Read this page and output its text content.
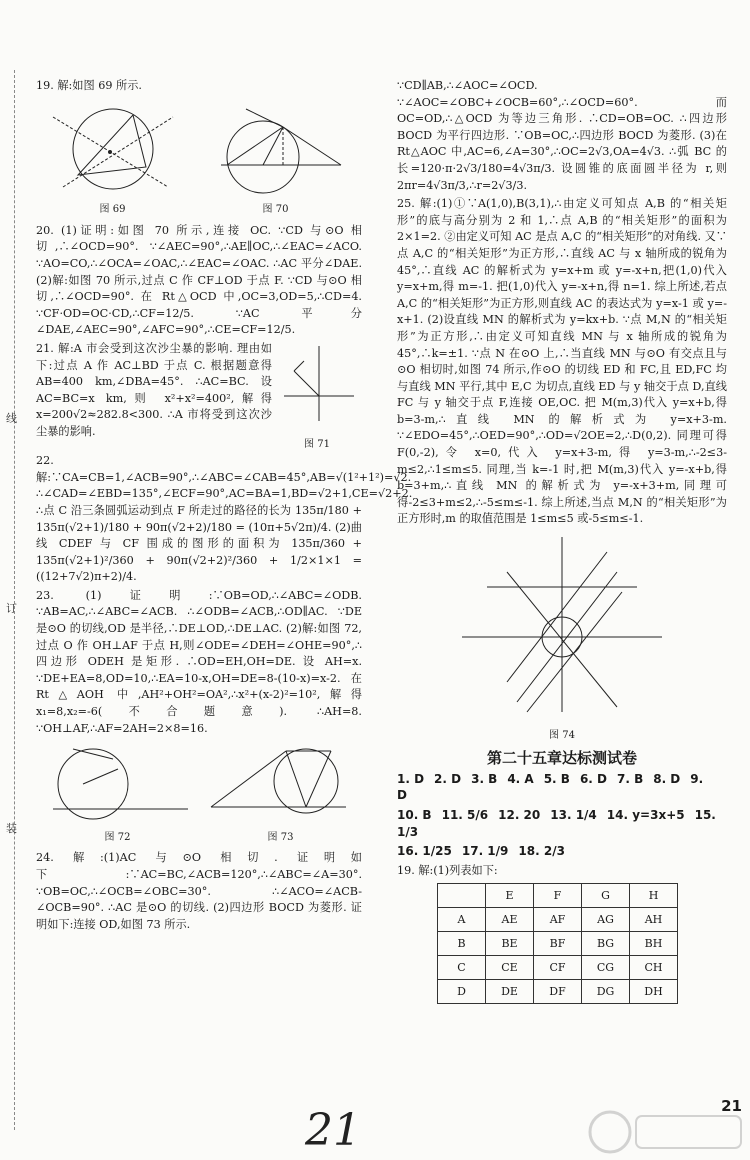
线
订
装

19. 解:如图 69 所示.

图 69	图 70

20. (1)证明:如图 70 所示,连接 OC. ∵CD 与⊙O 相切,∴∠OCD=90°. ∵∠AEC=90°,∴AE∥OC,∴∠EAC=∠ACO. ∵AO=CO,∴∠OCA=∠OAC,∴∠EAC=∠OAC. ∴AC 平分∠DAE. (2)解:如图 70 所示,过点 C 作 CF⊥OD 于点 F. ∵CD 与⊙O 相切,∴∠OCD=90°. 在 Rt△OCD 中,OC=3,OD=5,∴CD=4. ∵CF·OD=OC·CD,∴CF=12/5. ∵AC 平分∠DAE,∠AEC=90°,∠AFC=90°,∴CE=CF=12/5.

21. 解:A 市会受到这次沙尘暴的影响. 理由如下:过点 A 作 AC⊥BD 于点 C. 根据题意得 AB=400 km,∠DBA=45°. ∴AC=BC. 设 AC=BC=x km,则 x²+x²=400²,解得 x=200√2≈282.8<300. ∴A 市将受到这次沙尘暴的影响.

图 71

22. 解:∵CA=CB=1,∠ACB=90°,∴∠ABC=∠CAB=45°,AB=√(1²+1²)=√2. ∴∠CAD=∠EBD=135°,∠ECF=90°,AC=BA=1,BD=√2+1,CE=√2+2. ∴点 C 沿三条圆弧运动到点 F 所走过的路径的长为 135π/180 + 135π(√2+1)/180 + 90π(√2+2)/180 = (10π+5√2π)/4. (2)曲线 CDEF 与 CF 围成的图形的面积为 135π/360 + 135π(√2+1)²/360 + 90π(√2+2)²/360 + 1/2×1×1 = ((12+7√2)π+2)/4.

23. (1)证明:∵OB=OD,∴∠ABC=∠ODB. ∵AB=AC,∴∠ABC=∠ACB. ∴∠ODB=∠ACB,∴OD∥AC. ∵DE 是⊙O 的切线,OD 是半径,∴DE⊥OD,∴DE⊥AC. (2)解:如图 72,过点 O 作 OH⊥AF 于点 H,则∠ODE=∠DEH=∠OHE=90°,∴四边形 ODEH 是矩形. ∴OD=EH,OH=DE. 设 AH=x. ∵DE+EA=8,OD=10,∴EA=10-x,OH=DE=8-(10-x)=x-2. 在 Rt△AOH 中,AH²+OH²=OA²,∴x²+(x-2)²=10²,解得 x₁=8,x₂=-6(不合题意). ∴AH=8. ∵OH⊥AF,∴AF=2AH=2×8=16.

图 72	图 73

24. 解:(1)AC 与⊙O 相切. 证明如下:∵AC=BC,∠ACB=120°,∴∠ABC=∠A=30°. ∵OB=OC,∴∠OCB=∠OBC=30°. ∴∠ACO=∠ACB-∠OCB=90°. ∴AC 是⊙O 的切线. (2)四边形 BOCD 为菱形. 证明如下:连接 OD,如图 73 所示.

∵CD∥AB,∴∠AOC=∠OCD. ∵∠AOC=∠OBC+∠OCB=60°,∴∠OCD=60°. 而 OC=OD,∴△OCD 为等边三角形. ∴CD=OB=OC. ∴四边形 BOCD 为平行四边形. ∵OB=OC,∴四边形 BOCD 为菱形. (3)在 Rt△AOC 中,AC=6,∠A=30°,∴OC=2√3,OA=4√3. ∴弧 BC 的长=120·π·2√3/180=4√3π/3. 设圆锥的底面圆半径为 r,则 2πr=4√3π/3,∴r=2√3/3.

25. 解:(1)①∵A(1,0),B(3,1),∴由定义可知点 A,B 的“相关矩形”的底与高分别为 2 和 1,∴点 A,B 的“相关矩形”的面积为 2×1=2. ②由定义可知 AC 是点 A,C 的“相关矩形”的对角线. 又∵点 A,C 的“相关矩形”为正方形,∴直线 AC 与 x 轴所成的锐角为 45°,∴直线 AC 的解析式为 y=x+m 或 y=-x+n,把(1,0)代入 y=x+m,得 m=-1. 把(1,0)代入 y=-x+n,得 n=1. 综上所述,若点 A,C 的“相关矩形”为正方形,则直线 AC 的表达式为 y=x-1 或 y=-x+1. (2)设直线 MN 的解析式为 y=kx+b. ∵点 M,N 的“相关矩形”为正方形,∴由定义可知直线 MN 与 x 轴所成的锐角为 45°,∴k=±1. ∵点 N 在⊙O 上,∴当直线 MN 与⊙O 有交点且与⊙O 相切时,如图 74 所示,作⊙O 的切线 ED 和 FC,且 ED,FC 均与直线 MN 平行,其中 E,C 为切点,直线 ED 与 y 轴交于点 D,直线 FC 与 y 轴交于点 F,连接 OE,OC. 把 M(m,3)代入 y=x+b,得 b=3-m,∴直线 MN 的解析式为 y=x+3-m. ∵∠EDO=45°,∴OED=90°,∴OD=√2OE=2,∴D(0,2). 同理可得 F(0,-2),令 x=0,代入 y=x+3-m,得 y=3-m,∴-2≤3-m≤2,∴1≤m≤5. 同理,当 k=-1 时,把 M(m,3)代入 y=-x+b,得 b=3+m,∴直线 MN 的解析式为 y=-x+3+m,同理可得-2≤3+m≤2,∴-5≤m≤-1. 综上所述,当点 M,N 的“相关矩形”为正方形时,m 的取值范围是 1≤m≤5 或-5≤m≤-1.

图 74
第二十五章达标测试卷
1. D 2. D 3. B 4. A 5. B 6. D 7. B 8. D 9. D
10. B 11. 5/6 12. 20 13. 1/4 14. y=3x+5 15. 1/3
16. 1/25 17. 1/9 18. 2/3

19. 解:(1)列表如下:

	E	F	G	H
A	AE	AF	AG	AH
B	BE	BF	BG	BH
C	CE	CF	CG	CH
D	DE	DF	DG	DH
21
21
